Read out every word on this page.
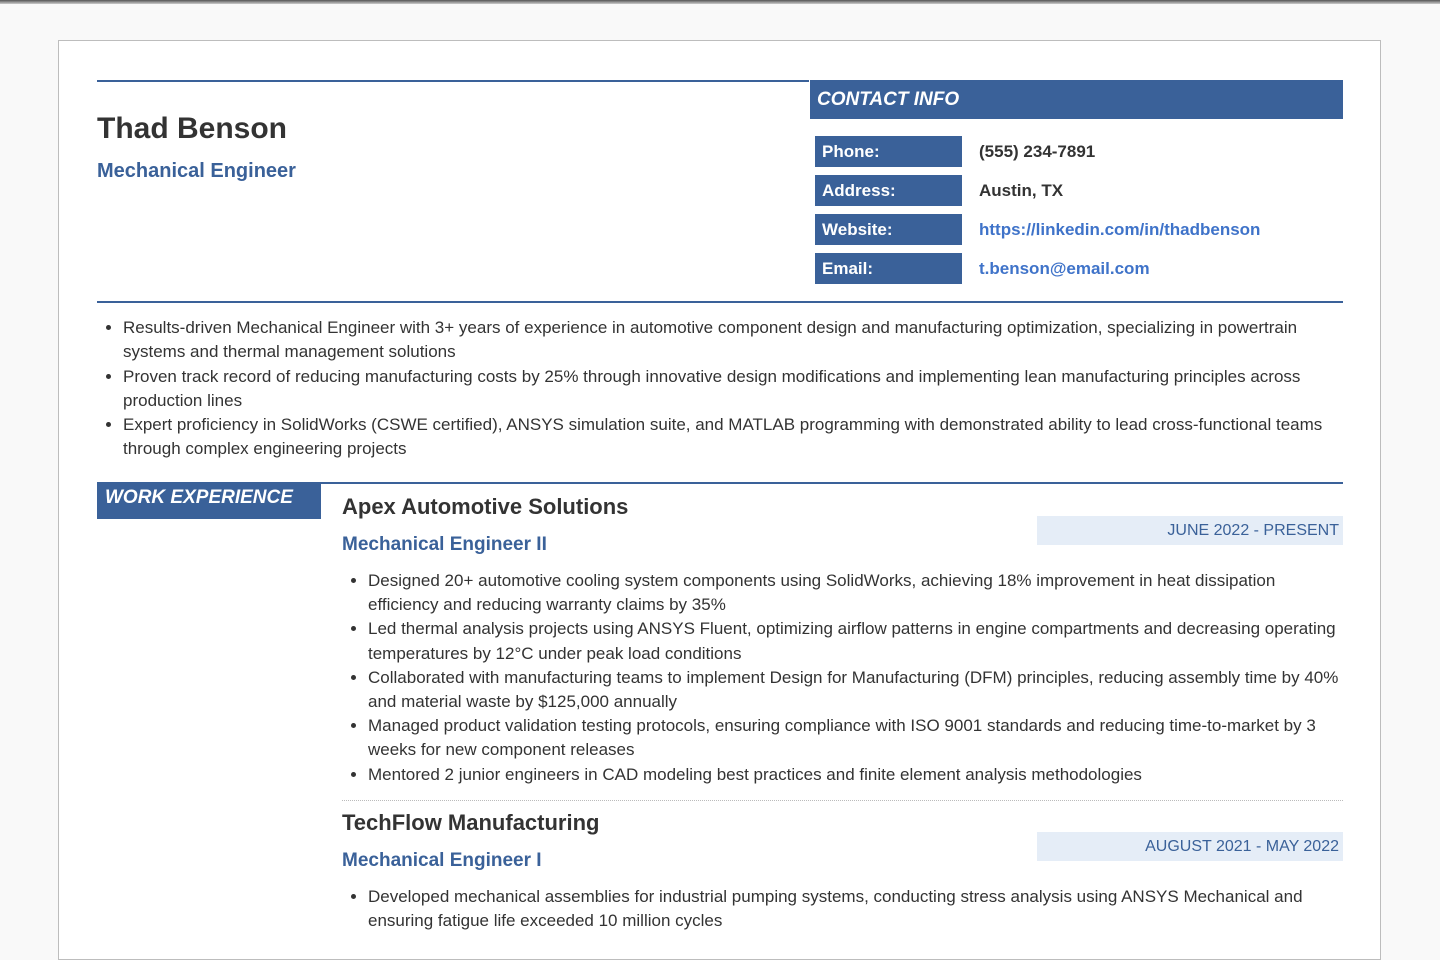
Thad Benson
Mechanical Engineer
CONTACT INFO
Phone:	(555) 234-7891
Address:	Austin, TX
Website:	https://linkedin.com/in/thadbenson
Email:	t.benson@email.com
• Results-driven Mechanical Engineer with 3+ years of experience in automotive component design and manufacturing optimization, specializing in powertrain systems and thermal management solutions
• Proven track record of reducing manufacturing costs by 25% through innovative design modifications and implementing lean manufacturing principles across production lines
• Expert proficiency in SolidWorks (CSWE certified), ANSYS simulation suite, and MATLAB programming with demonstrated ability to lead cross-functional teams through complex engineering projects
WORK EXPERIENCE	Apex Automotive Solutions
JUNE 2022 - PRESENT
Mechanical Engineer II
• Designed 20+ automotive cooling system components using SolidWorks, achieving 18% improvement in heat dissipation efficiency and reducing warranty claims by 35%
• Led thermal analysis projects using ANSYS Fluent, optimizing airflow patterns in engine compartments and decreasing operating temperatures by 12°C under peak load conditions
• Collaborated with manufacturing teams to implement Design for Manufacturing (DFM) principles, reducing assembly time by 40% and material waste by $125,000 annually
• Managed product validation testing protocols, ensuring compliance with ISO 9001 standards and reducing time-to-market by 3 weeks for new component releases
• Mentored 2 junior engineers in CAD modeling best practices and finite element analysis methodologies
TechFlow Manufacturing
AUGUST 2021 - MAY 2022
Mechanical Engineer I
• Developed mechanical assemblies for industrial pumping systems, conducting stress analysis using ANSYS Mechanical and ensuring fatigue life exceeded 10 million cycles
